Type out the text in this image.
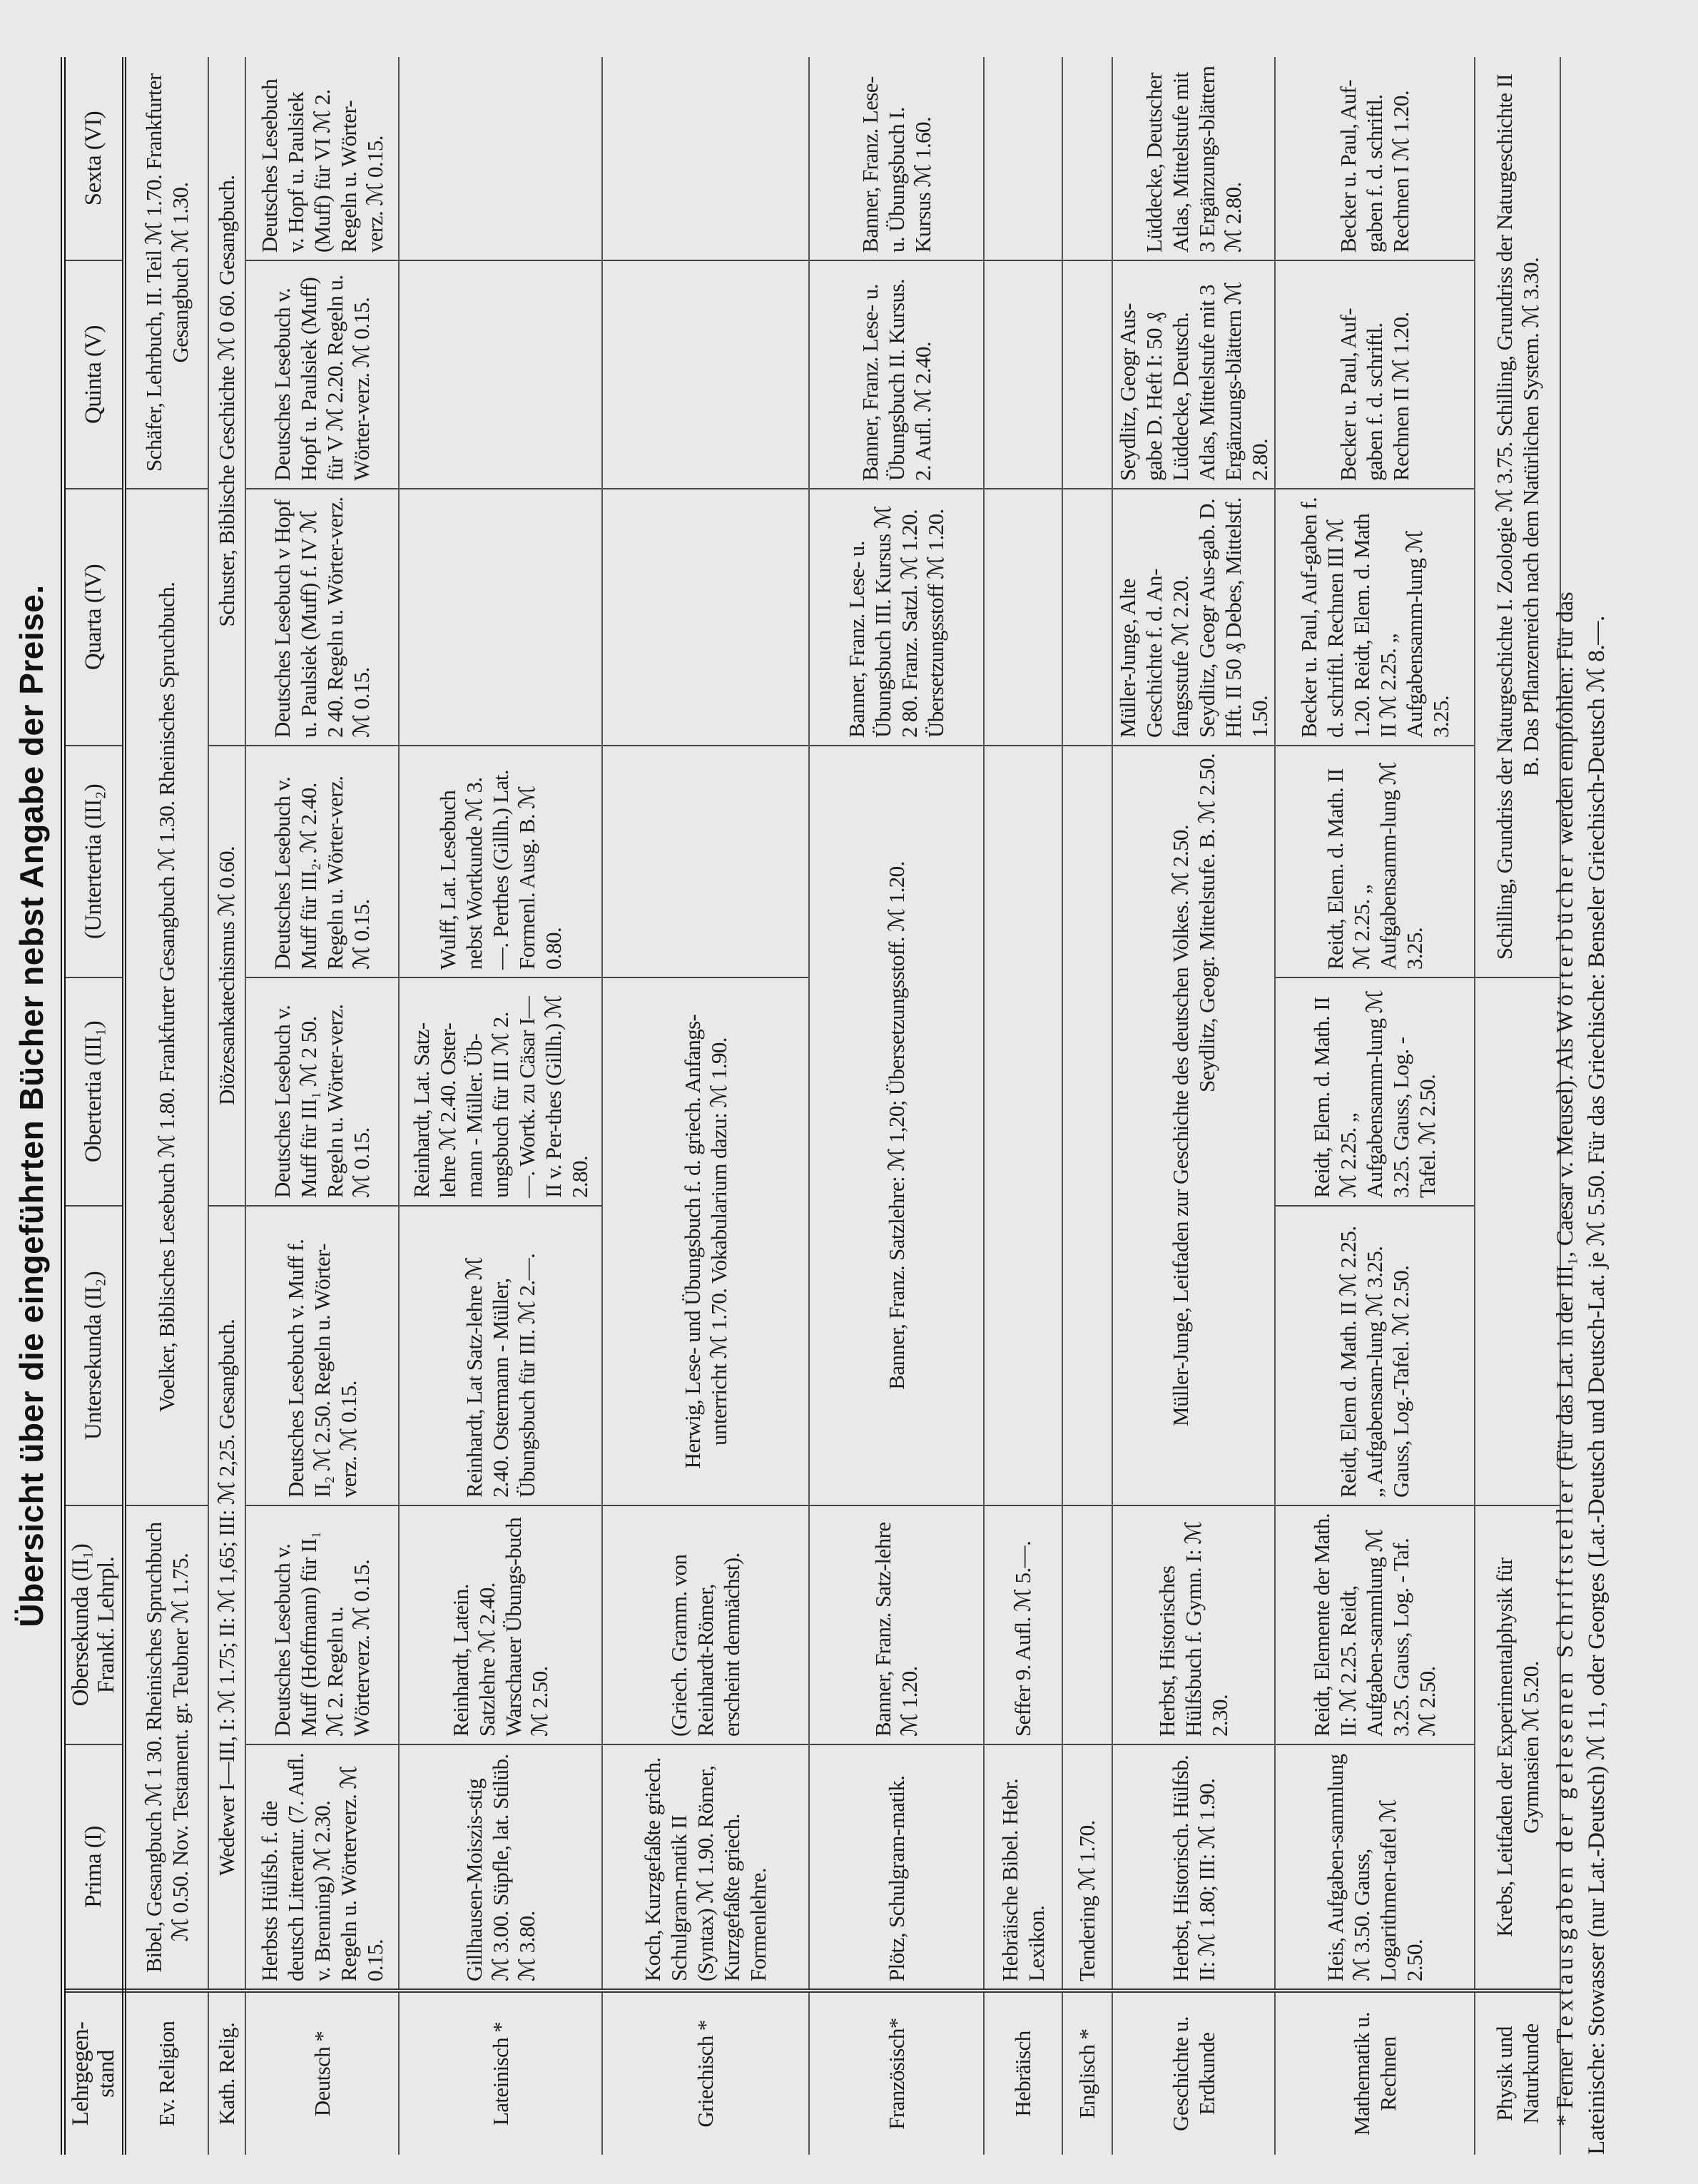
Übersicht über die eingeführten Bücher nebst Angabe der Preise.
Lehrgegen- stand	Prima (I)	Obersekunda (II₁) Frankf. Lehrpl.	Untersekunda (II₂)	Obertertia (III₁)	(Untertertia (III₂)	Quarta (IV)	Quinta (V)	Sexta (VI)
Ev. Religion	Bibel, Gesangbuch ℳ 1 30. Rheinisches Spruchbuch ℳ 0.50. Nov. Testament. gr. Teubner ℳ 1.75.		Voelker, Biblisches Lesebuch ℳ 1.80. Frankfurter Gesangbuch ℳ 1.30. Rheinisches Spruchbuch.				Schäfer, Lehrbuch, II. Teil ℳ 1.70. Frankfurter Gesangbuch ℳ 1.30.	

Kath. Relig.	Wedewer I—III, I: ℳ 1.75; II: ℳ 1,65; III: ℳ 2,25. Gesangbuch.			Diözesankatechismus ℳ 0.60.		Schuster, Biblische Geschichte ℳ 0 60. Gesangbuch.		

Deutsch *	Herbsts Hülfsb. f. die deutsch Litteratur. (7. Aufl. v. Brenning) ℳ 2.30. Regeln u. Wörterverz. ℳ 0.15.	Deutsches Lesebuch v. Muff (Hoffmann) für II₁ ℳ 2. Regeln u. Wörterverz. ℳ 0.15.	Deutsches Lesebuch v. Muff f. II₂ ℳ 2.50. Regeln u. Wörter-verz. ℳ 0.15.	Deutsches Lesebuch v. Muff für III₁ ℳ 2 50. Regeln u. Wörter-verz. ℳ 0.15.	Deutsches Lesebuch v. Muff für III₂. ℳ 2.40. Regeln u. Wörter-verz. ℳ 0.15.	Deutsches Lesebuch v Hopf u. Paulsiek (Muff) f. IV ℳ 2 40. Regeln u. Wörter-verz. ℳ 0.15.	Deutsches Lesebuch v. Hopf u. Paulsiek (Muff) für V ℳ 2.20. Regeln u. Wörter-verz. ℳ 0.15.	Deutsches Lesebuch v. Hopf u. Paulsiek (Muff) für VI ℳ 2. Regeln u. Wörter-verz. ℳ 0.15.

Lateinisch *	Gillhausen-Moiszis-stig ℳ 3.00. Süpfle, lat. Stilüb. ℳ 3.80.	Reinhardt, Latein. Satzlehre ℳ 2.40. Warschauer Übungs-buch ℳ 2.50.	Reinhardt, Lat Satz-lehre ℳ 2.40. Ostermann - Müller, Übungsbuch für III. ℳ 2.—.	Reinhardt, Lat. Satz-lehre ℳ 2.40. Oster-mann - Müller. Üb-ungsbuch für III ℳ 2.—. Wortk. zu Cäsar I—II v. Per-thes (Gillh.) ℳ 2.80.	Wulff, Lat. Lesebuch nebst Wortkunde ℳ 3.—. Perthes (Gillh.) Lat. Formenl. Ausg. B. ℳ 0.80.			

Griechisch *	Koch, Kurzgefaßte griech. Schulgram-matik II (Syntax) ℳ 1.90. Römer, Kurzgefaßte griech. Formenlehre.	(Griech. Gramm. von Reinhardt-Römer, erscheint demnächst).	Herwig, Lese- und Übungsbuch f. d. griech. Anfangs-unterricht ℳ 1.70. Vokabularium dazu: ℳ 1.90.					

Französisch*	Plötz, Schulgram-matik.	Banner, Franz. Satz-lehre ℳ 1.20.	Banner, Franz. Satzlehre: ℳ 1,20; Übersetzungsstoff. ℳ 1.20.			Banner, Franz. Lese- u. Übungsbuch III. Kursus ℳ 2 80. Franz. Satzl. ℳ 1.20. Übersetzungsstoff ℳ 1.20.	Banner, Franz. Lese- u. Übungsbuch II. Kursus. 2. Aufl. ℳ 2.40.	Banner, Franz. Lese- u. Übungsbuch I. Kursus ℳ 1.60.

Hebräisch	Hebräische Bibel. Hebr. Lexikon.	Seffer 9. Aufl. ℳ 5.—.						

Englisch *	Tendering ℳ 1.70.							

Geschichte u. Erdkunde	Herbst, Historisch. Hülfsb. II: ℳ 1.80; III: ℳ 1.90.	Herbst, Historisches Hülfsbuch f. Gymn. I: ℳ 2.30.	Müller-Junge, Leitfaden zur Geschichte des deutschen Volkes. ℳ 2.50. Seydlitz, Geogr. Mittelstufe. B. ℳ 2.50.			Müller-Junge, Alte Geschichte f. d. An-fangsstufe ℳ 2.20. Seydlitz, Geogr Aus-gab. D. Hft. II 50 ₰ Debes, Mittelstf. 1.50.	Seydlitz, Geogr Aus-gabe D. Heft I: 50 ₰ Lüddecke, Deutsch. Atlas, Mittelstufe mit 3 Ergänzungs-blättern ℳ 2.80.	Lüddecke, Deutscher Atlas, Mittelstufe mit 3 Ergänzungs-blättern ℳ 2.80.

Mathematik u. Rechnen	Heis, Aufgaben-sammlung ℳ 3.50. Gauss, Logarithmen-tafel ℳ 2.50.	Reidt, Elemente der Math. II: ℳ 2.25. Reidt, Aufgaben-sammlung ℳ 3.25. Gauss, Log. - Taf. ℳ 2.50.	Reidt, Elem d. Math. II ℳ 2.25. „ Aufgabensam-lung ℳ 3.25. Gauss, Log.-Tafel. ℳ 2.50.	Reidt, Elem. d. Math. II ℳ 2.25. „ Aufgabensamm-lung ℳ 3.25. Gauss, Log. - Tafel. ℳ 2.50.	Reidt, Elem. d. Math. II ℳ 2.25. „ Aufgabensamm-lung ℳ 3.25.	Becker u. Paul, Auf-gaben f. d. schriftl. Rechnen III ℳ 1.20. Reidt, Elem. d. Math II ℳ 2.25. „ Aufgabensamm-lung ℳ 3.25.	Becker u. Paul, Auf-gaben f. d. schriftl. Rechnen II ℳ 1.20.	Becker u. Paul, Auf-gaben f. d. schriftl. Rechnen I ℳ 1.20.

Physik und Naturkunde	Krebs, Leitfaden der Experimentalphysik für Gymnasien ℳ 5.20.				Schilling, Grundriss der Naturgeschichte I. Zoologie ℳ 3.75. Schilling, Grundriss der Naturgeschichte II B. Das Pflanzenreich nach dem Natürlichen System. ℳ 3.30.			
* Ferner Textausgaben der gelesenen Schriftsteller (Für das Lat. in der III₁, Caesar v. Meusel). Als Wörterbücher werden empfohlen: Für das Lateinische: Stowasser (nur Lat.-Deutsch) ℳ 11, oder Georges (Lat.-Deutsch und Deutsch-Lat. je ℳ 5.50. Für das Griechische: Benseler Griechisch-Deutsch ℳ 8.—.
